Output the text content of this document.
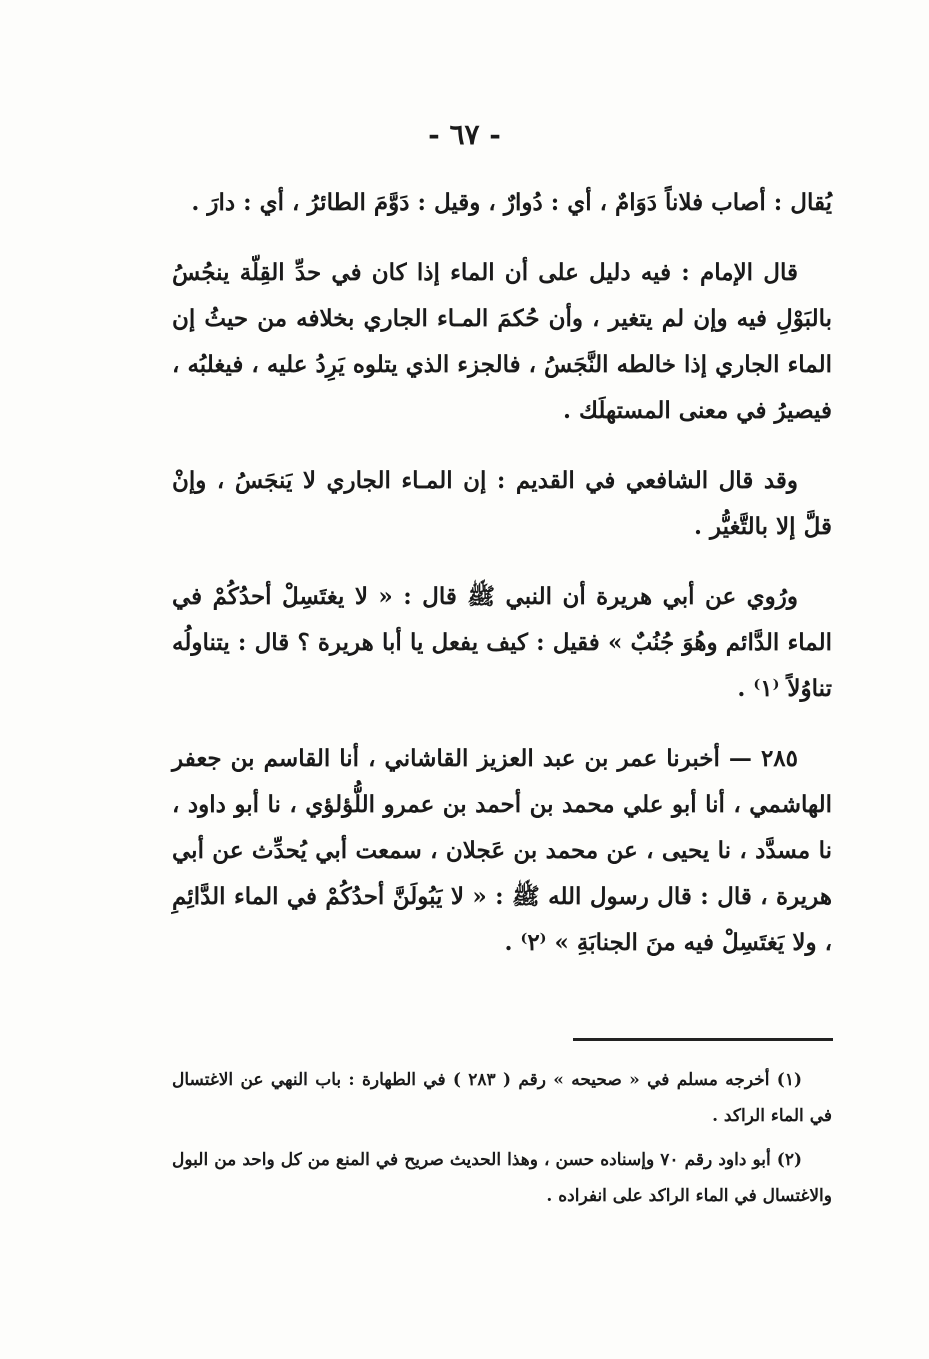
- ٦٧ -

يُقال : أصاب فلاناً دَوَامٌ ، أي : دُوارٌ ، وقيل : دَوَّمَ الطائرُ ، أي : دارَ .

قال الإمام : فيه دليل على أن الماء إذا كان في حدِّ القِلّة ينجُسُ بالبَوْلِ فيه وإن لم يتغير ، وأن حُكمَ المـاء الجاري بخلافه من حيثُ إن الماء الجاري إذا خالطه النَّجَسُ ، فالجزء الذي يتلوه يَرِدُ عليه ، فيغلبُه ، فيصيرُ في معنى المستهلَك .

وقد قال الشافعي في القديم : إن المـاء الجاري لا يَنجَسُ ، وإنْ قلَّ إلا بالتَّغيُّر .

ورُوي عن أبي هريرة أن النبي ﷺ قال : « لا يغتَسِلْ أحدُكُمْ في الماء الدَّائم وهُوَ جُنُبٌ » فقيل : كيف يفعل يا أبا هريرة ؟ قال : يتناولُه تناوُلاً ⁽١⁾ .

٢٨٥ — أخبرنا عمر بن عبد العزيز القاشاني ، أنا القاسم بن جعفر الهاشمي ، أنا أبو علي محمد بن أحمد بن عمرو اللُّؤلؤي ، نا أبو داود ، نا مسدَّد ، نا يحيى ، عن محمد بن عَجلان ، سمعت أبي يُحدِّث عن أبي هريرة ، قال : قال رسول الله ﷺ : « لا يَبُولَنَّ أحدُكُمْ في الماء الدَّائِمِ ، ولا يَغتَسِلْ فيه منَ الجنابَةِ » ⁽٢⁾ .

(١) أخرجه مسلم في « صحيحه » رقم ( ٢٨٣ ) في الطهارة : باب النهي عن الاغتسال في الماء الراكد .

(٢) أبو داود رقم ٧٠ وإسناده حسن ، وهذا الحديث صريح في المنع من كل واحد من البول والاغتسال في الماء الراكد على انفراده .
